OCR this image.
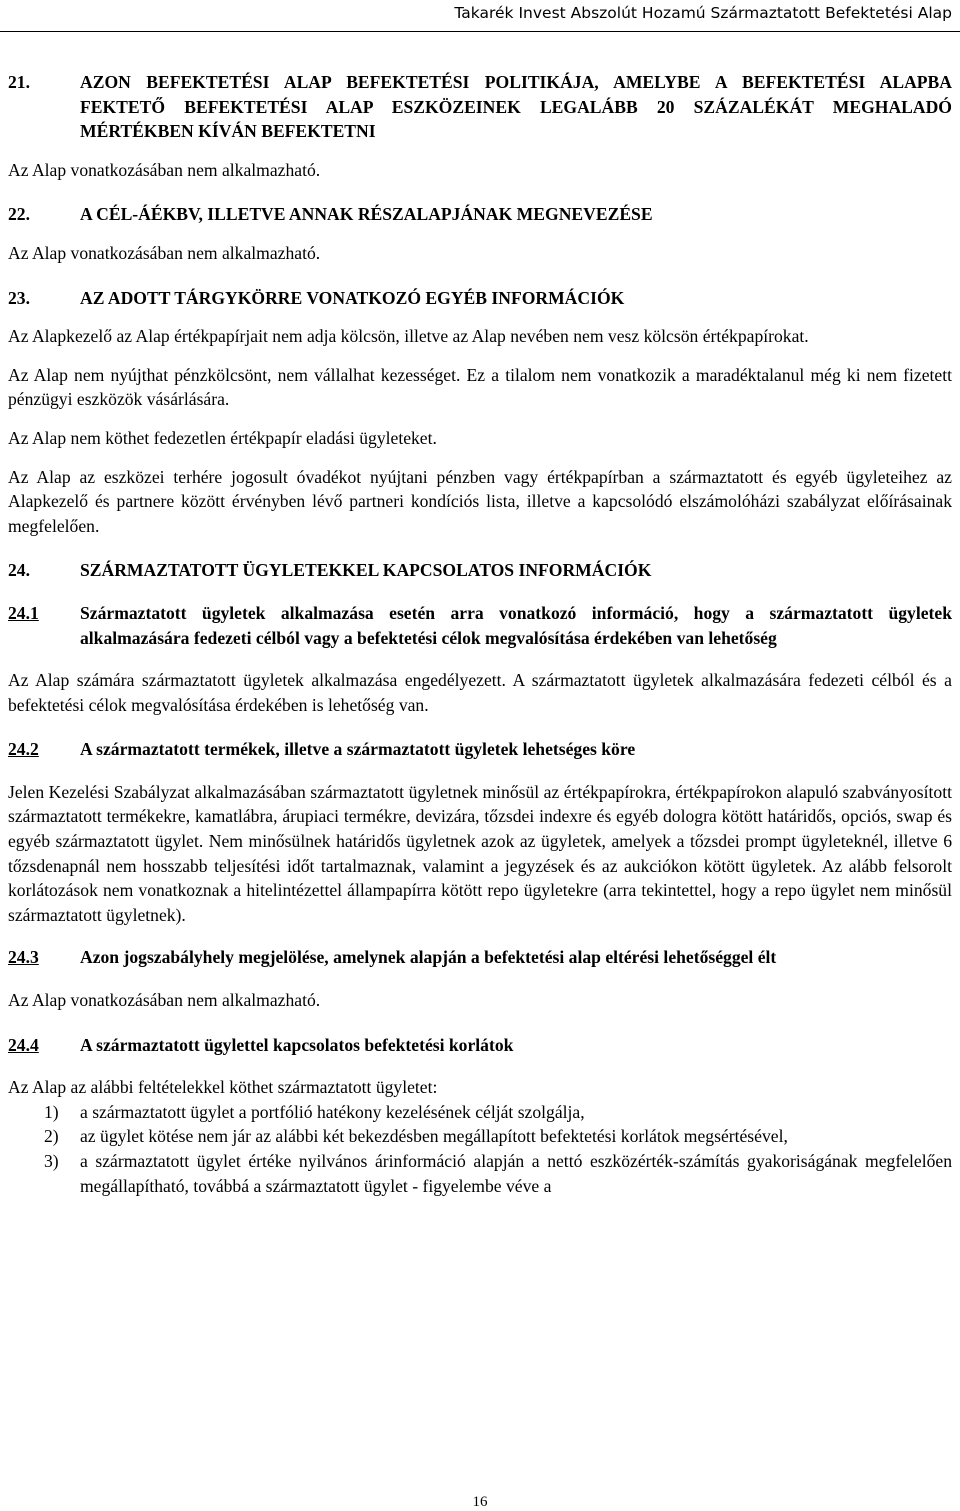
Takarék Invest Abszolút Hozamú Származtatott Befektetési Alap
21.	AZON BEFEKTETÉSI ALAP BEFEKTETÉSI POLITIKÁJA, AMELYBE A BEFEKTETÉSI ALAPBA FEKTETŐ BEFEKTETÉSI ALAP ESZKÖZEINEK LEGALÁBB 20 SZÁZALÉKÁT MEGHALADÓ MÉRTÉKBEN KÍVÁN BEFEKTETNI

Az Alap vonatkozásában nem alkalmazható.

22.	A CÉL-ÁÉKBV, ILLETVE ANNAK RÉSZALAPJÁNAK MEGNEVEZÉSE

Az Alap vonatkozásában nem alkalmazható.

23.	AZ ADOTT TÁRGYKÖRRE VONATKOZÓ EGYÉB INFORMÁCIÓK

Az Alapkezelő az Alap értékpapírjait nem adja kölcsön, illetve az Alap nevében nem vesz kölcsön értékpapírokat.

Az Alap nem nyújthat pénzkölcsönt, nem vállalhat kezességet. Ez a tilalom nem vonatkozik a maradéktalanul még ki nem fizetett pénzügyi eszközök vásárlására.

Az Alap nem köthet fedezetlen értékpapír eladási ügyleteket.

Az Alap az eszközei terhére jogosult óvadékot nyújtani pénzben vagy értékpapírban a származtatott és egyéb ügyleteihez az Alapkezelő és partnere között érvényben lévő partneri kondíciós lista, illetve a kapcsolódó elszámolóházi szabályzat előírásainak megfelelően.

24.	SZÁRMAZTATOTT ÜGYLETEKKEL KAPCSOLATOS INFORMÁCIÓK
24.1	Származtatott ügyletek alkalmazása esetén arra vonatkozó információ, hogy a származtatott ügyletek alkalmazására fedezeti célból vagy a befektetési célok megvalósítása érdekében van lehetőség

Az Alap számára származtatott ügyletek alkalmazása engedélyezett. A származtatott ügyletek alkalmazására fedezeti célból és a befektetési célok megvalósítása érdekében is lehetőség van.

24.2	A származtatott termékek, illetve a származtatott ügyletek lehetséges köre

Jelen Kezelési Szabályzat alkalmazásában származtatott ügyletnek minősül az értékpapírokra, értékpapírokon alapuló szabványosított származtatott termékekre, kamatlábra, árupiaci termékre, devizára, tőzsdei indexre és egyéb dologra kötött határidős, opciós, swap és egyéb származtatott ügylet. Nem minősülnek határidős ügyletnek azok az ügyletek, amelyek a tőzsdei prompt ügyleteknél, illetve 6 tőzsdenapnál nem hosszabb teljesítési időt tartalmaznak, valamint a jegyzések és az aukciókon kötött ügyletek. Az alább felsorolt korlátozások nem vonatkoznak a hitelintézettel állampapírra kötött repo ügyletekre (arra tekintettel, hogy a repo ügylet nem minősül származtatott ügyletnek).

24.3	Azon jogszabályhely megjelölése, amelynek alapján a befektetési alap eltérési lehetőséggel élt

Az Alap vonatkozásában nem alkalmazható.

24.4	A származtatott ügylettel kapcsolatos befektetési korlátok

Az Alap az alábbi feltételekkel köthet származtatott ügyletet:

1)	a származtatott ügylet a portfólió hatékony kezelésének célját szolgálja,
2)	az ügylet kötése nem jár az alábbi két bekezdésben megállapított befektetési korlátok megsértésével,
3)	a származtatott ügylet értéke nyilvános árinformáció alapján a nettó eszközérték-számítás gyakoriságának megfelelően megállapítható, továbbá a származtatott ügylet - figyelembe véve a
16
